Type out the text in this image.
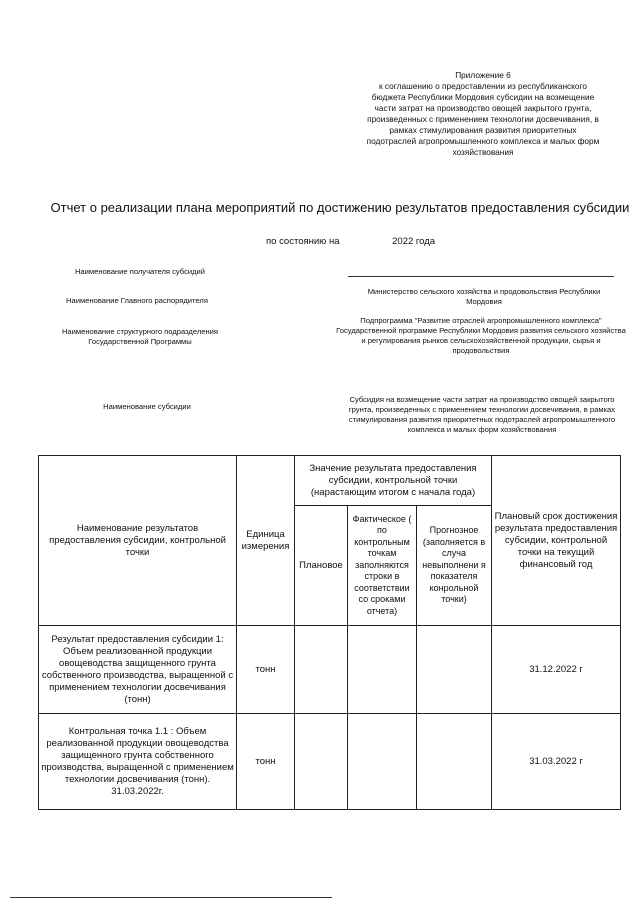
Приложение 6
к соглашению о предоставлении из республиканского
бюджета Республики Мордовия субсидии на возмещение
части затрат на производство овощей закрытого грунта,
произведенных с применением технологии досвечивания, в
рамках стимулирования развития приоритетных
подотраслей агропромышленного комплекса и малых форм
хозяйствования
Отчет о реализации плана мероприятий по достижению результатов предоставления субсидии
по состоянию на	2022 года
Наименование получателя субсидий
Наименование Главного распорядителя
Министерство сельского хозяйства и продовольствия Республики Мордовия
Наименование структурного подразделения Государственной Программы
Подпрограмма "Развитие отраслей агропромышленного комплекса" Государственной программе Республики Мордовия развития сельского хозяйства и регулирования рынков сельскохозяйственной продукции, сырья и продовольствия
Наименование субсидии
Субсидия на возмещение части затрат на производство овощей закрытого грунта, произведенных с применением технологии досвечивания, в рамках стимулирования развития приоритетных подотраслей агропромышленного комплекса и малых форм хозяйствования
Наименование результатов предоставления субсидии, контрольной точки	Единица измерения	Значение результата предоставления субсидии, контрольной точки (нарастающим итогом с начала года)			Плановый срок достижения результата предоставления субсидии, контрольной точки на текущий финансовый год
		Плановое	Фактическое ( по контрольным точкам заполняются строки в соответствии со сроками отчета)	Прогнозное (заполняется в случа невыполнени я показателя конрольной точки)	
Результат предоставления субсидии 1: Объем реализованной продукции овощеводства защищенного грунта собственного производства, выращенной с применением технологии досвечивания (тонн)	тонн				31.12.2022 г
Контрольная точка 1.1 : Объем реализованной продукции овощеводства защищенного грунта собственного производства, выращенной с применением технологии досвечивания (тонн). 31.03.2022г.	тонн				31.03.2022 г
